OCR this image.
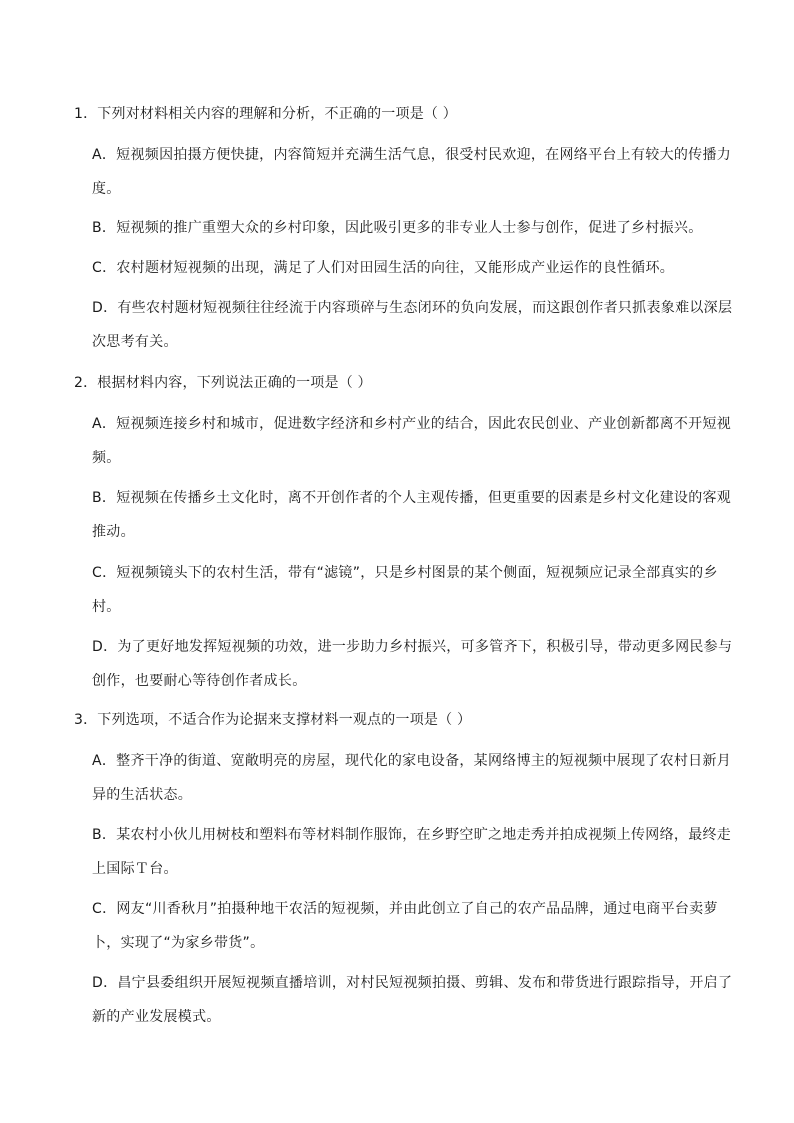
1．下列对材料相关内容的理解和分析，不正确的一项是（ ）
A．短视频因拍摄方便快捷，内容简短并充满生活气息，很受村民欢迎，在网络平台上有较大的传播力
度。
B．短视频的推广重塑大众的乡村印象，因此吸引更多的非专业人士参与创作，促进了乡村振兴。
C．农村题材短视频的出现，满足了人们对田园生活的向往，又能形成产业运作的良性循环。
D．有些农村题材短视频往往经流于内容琐碎与生态闭环的负向发展，而这跟创作者只抓表象难以深层
次思考有关。
2．根据材料内容，下列说法正确的一项是（ ）
A．短视频连接乡村和城市，促进数字经济和乡村产业的结合，因此农民创业、产业创新都离不开短视
频。
B．短视频在传播乡土文化时，离不开创作者的个人主观传播，但更重要的因素是乡村文化建设的客观
推动。
C．短视频镜头下的农村生活，带有“滤镜”，只是乡村图景的某个侧面，短视频应记录全部真实的乡
村。
D．为了更好地发挥短视频的功效，进一步助力乡村振兴，可多管齐下，积极引导，带动更多网民参与
创作，也要耐心等待创作者成长。
3．下列选项，不适合作为论据来支撑材料一观点的一项是（ ）
A．整齐干净的街道、宽敞明亮的房屋，现代化的家电设备，某网络博主的短视频中展现了农村日新月
异的生活状态。
B．某农村小伙儿用树枝和塑料布等材料制作服饰，在乡野空旷之地走秀并拍成视频上传网络，最终走
上国际Ｔ台。
C．网友“川香秋月”拍摄种地干农活的短视频，并由此创立了自己的农产品品牌，通过电商平台卖萝
卜，实现了“为家乡带货”。
D．昌宁县委组织开展短视频直播培训，对村民短视频拍摄、剪辑、发布和带货进行跟踪指导，开启了
新的产业发展模式。
